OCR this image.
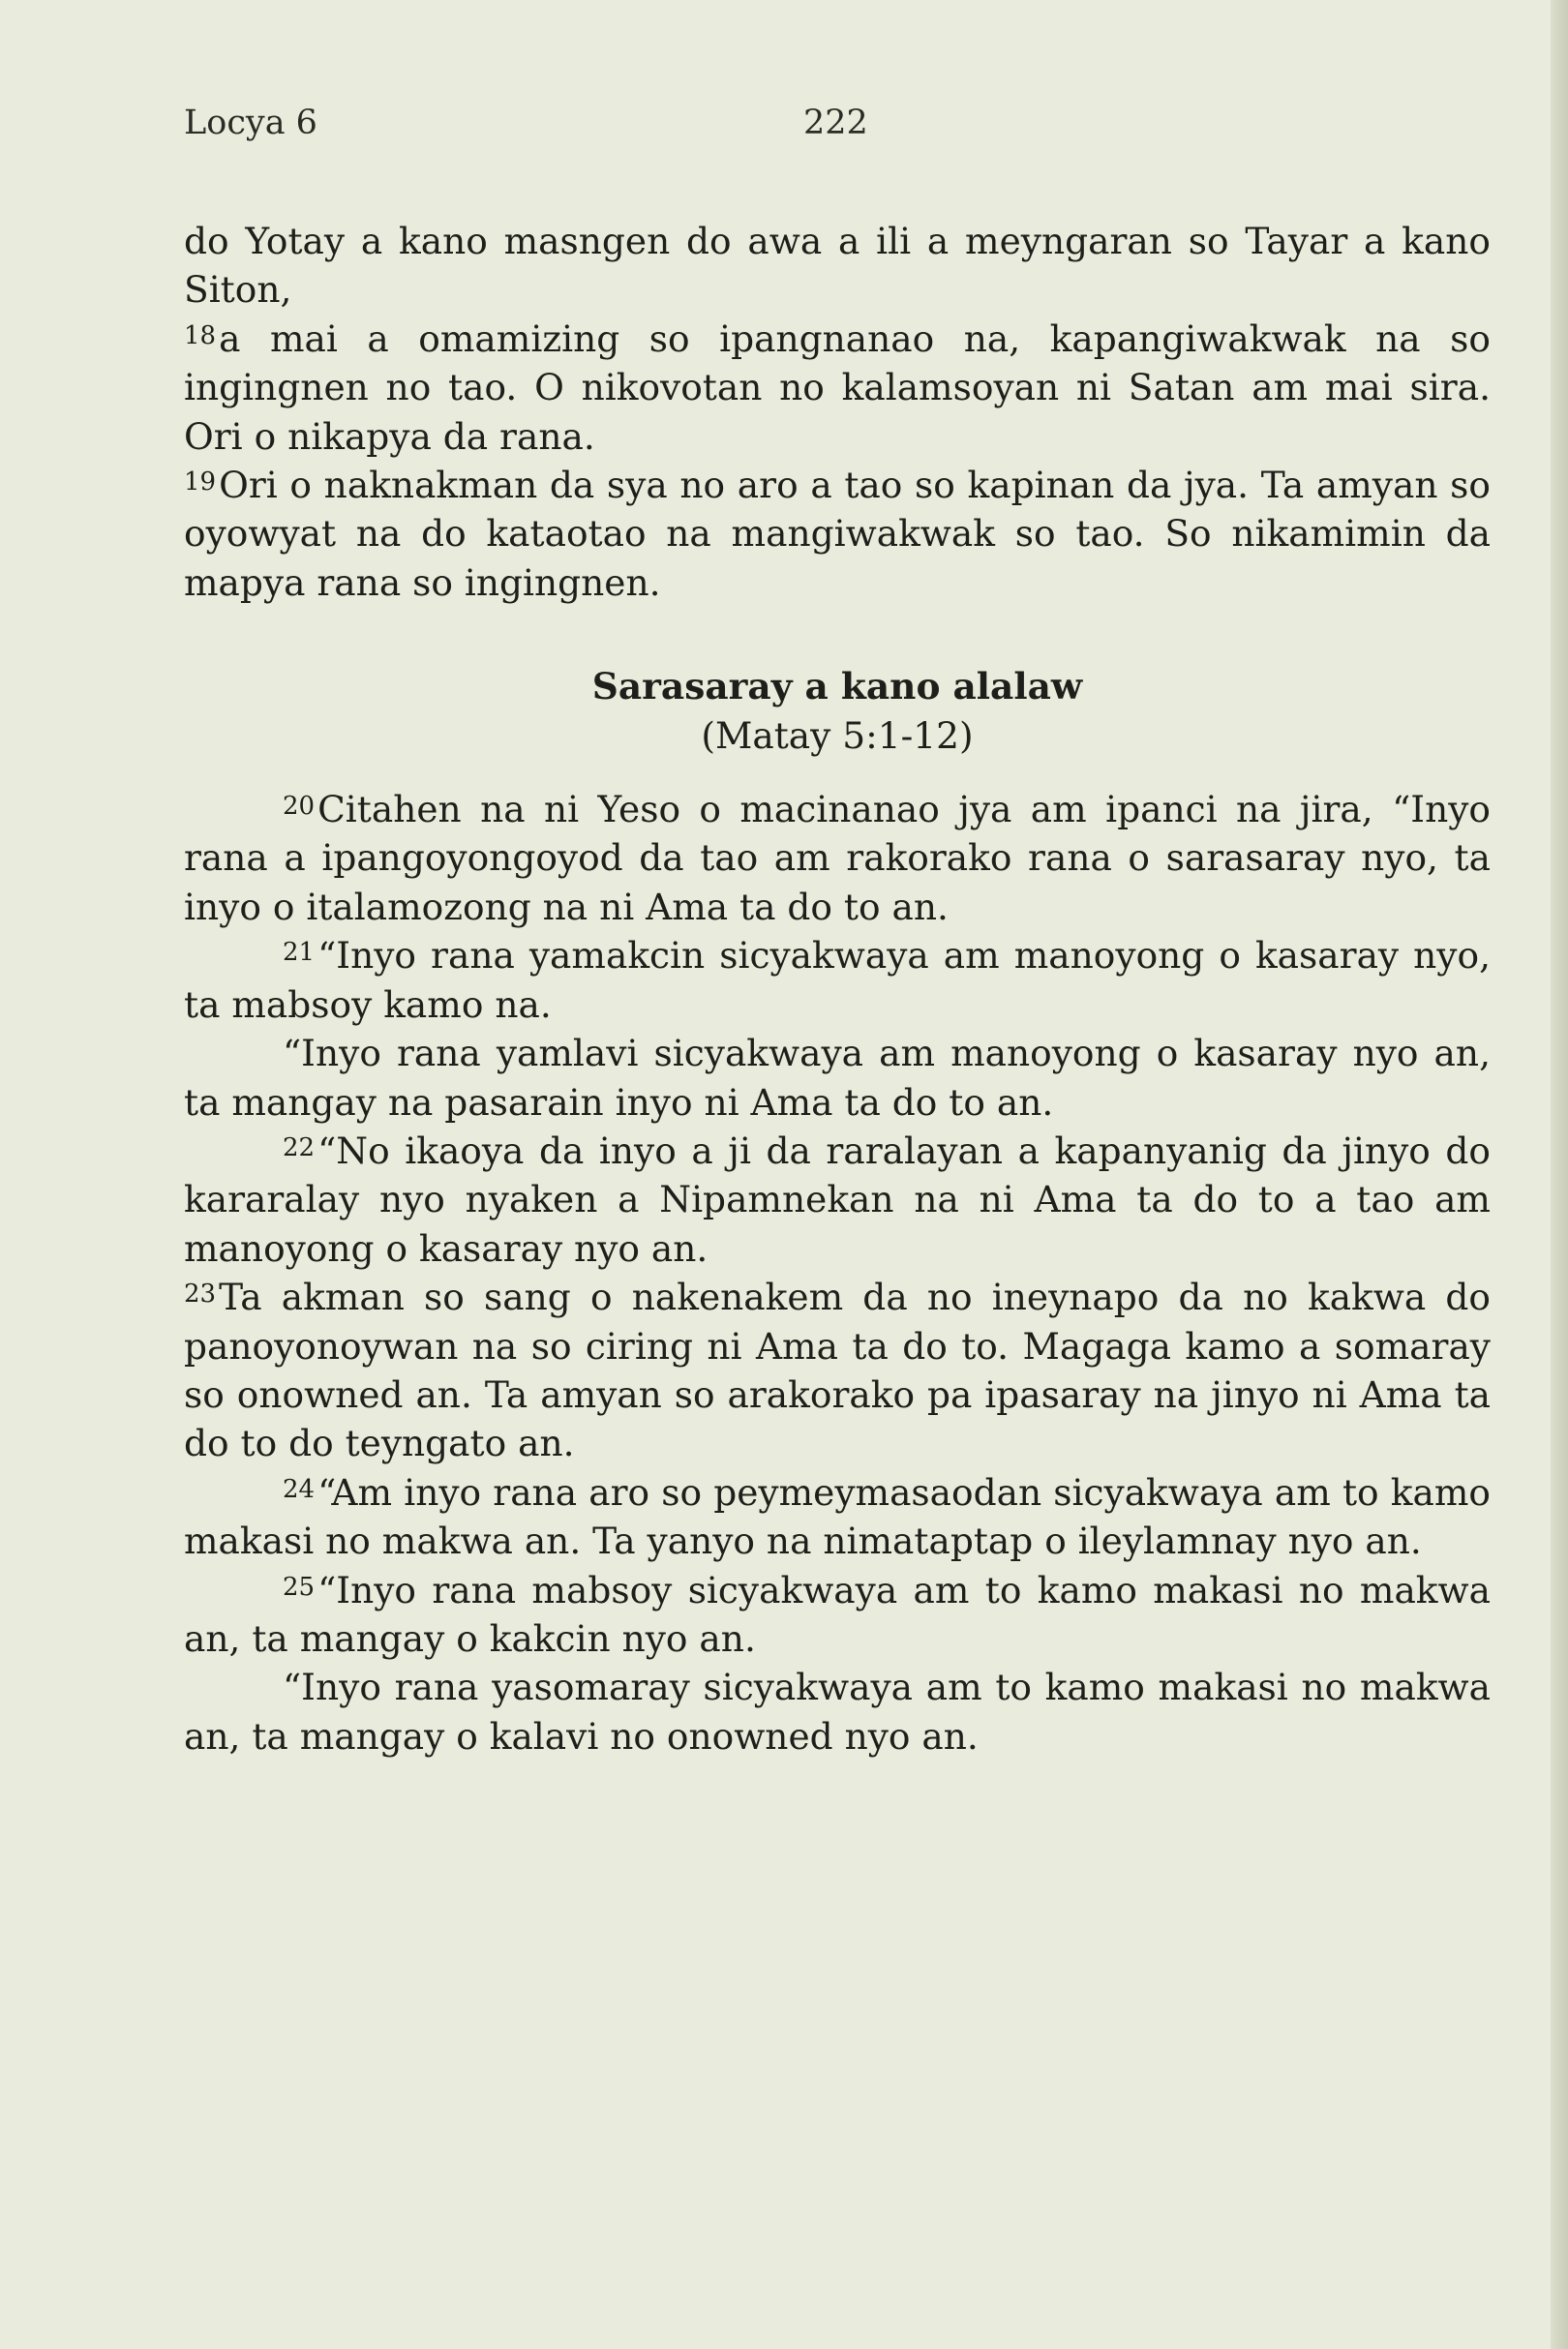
Locya 6	222

do Yotay a kano masngen do awa a ili a meyngaran so Tayar a kano Siton,

$^{18}$a mai a omamizing so ipangnanao na, kapangiwakwak na so ingingnen no tao. O nikovotan no kalamsoyan ni Satan am mai sira. Ori o nikapya da rana.

$^{19}$Ori o naknakman da sya no aro a tao so kapinan da jya. Ta amyan so oyowyat na do kataotao na mangiwakwak so tao. So nikamimin da mapya rana so ingingnen.

Sarasaray a kano alalaw

(Matay 5:1-12)

$^{20}$Citahen na ni Yeso o macinanao jya am ipanci na jira, “Inyo rana a ipangoyongoyod da tao am rakorako rana o sarasaray nyo, ta inyo o italamozong na ni Ama ta do to an.

$^{21}$“Inyo rana yamakcin sicyakwaya am manoyong o kasaray nyo, ta mabsoy kamo na.

“Inyo rana yamlavi sicyakwaya am manoyong o kasaray nyo an, ta mangay na pasarain inyo ni Ama ta do to an.

$^{22}$“No ikaoya da inyo a ji da raralayan a kapanyanig da jinyo do kararalay nyo nyaken a Nipamnekan na ni Ama ta do to a tao am manoyong o kasaray nyo an.

$^{23}$Ta akman so sang o nakenakem da no ineynapo da no kakwa do panoyonoywan na so ciring ni Ama ta do to. Magaga kamo a somaray so onowned an. Ta amyan so arakorako pa ipasaray na jinyo ni Ama ta do to do teyngato an.

$^{24}$“Am inyo rana aro so peymeymasaodan sicyakwaya am to kamo makasi no makwa an. Ta yanyo na nimataptap o ileylamnay nyo an.

$^{25}$“Inyo rana mabsoy sicyakwaya am to kamo makasi no makwa an, ta mangay o kakcin nyo an.

“Inyo rana yasomaray sicyakwaya am to kamo makasi no makwa an, ta mangay o kalavi no onowned nyo an.
